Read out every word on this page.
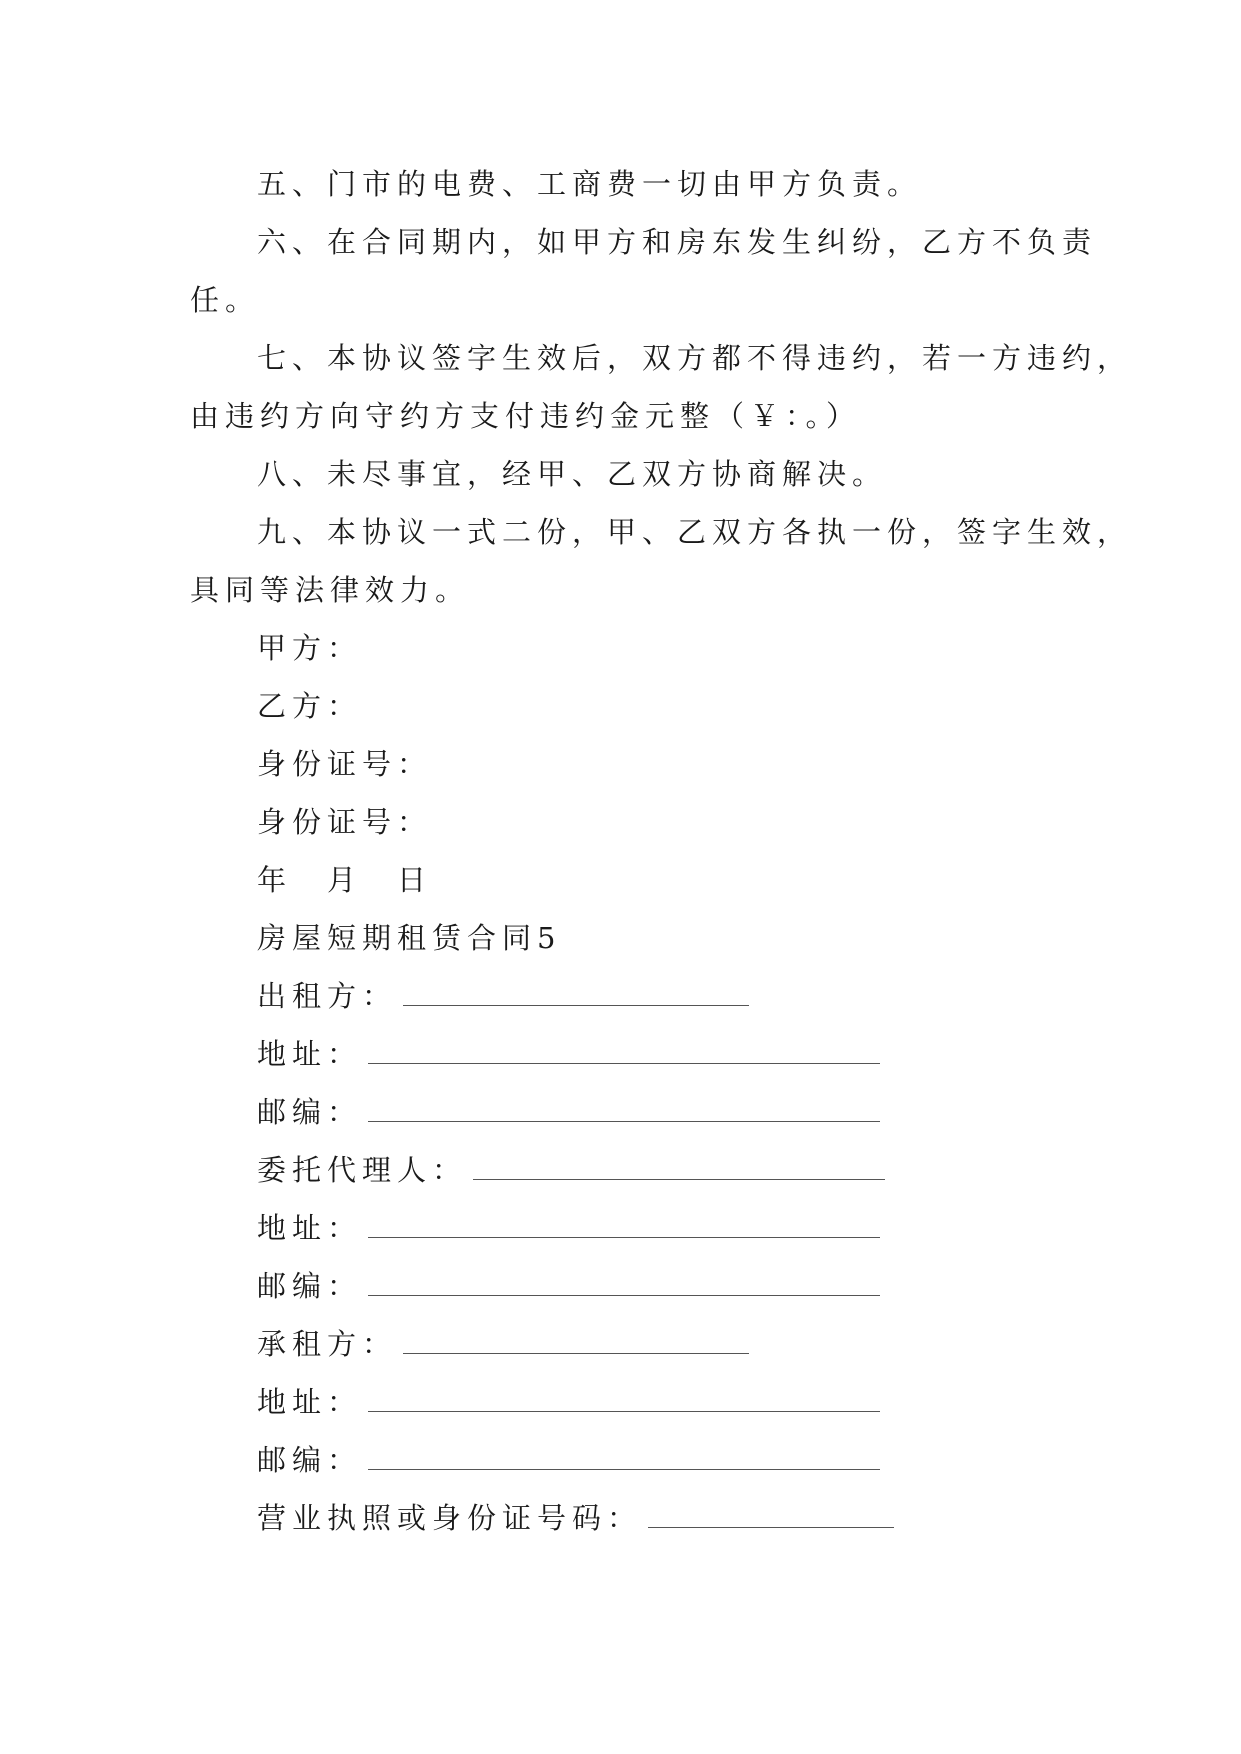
五、门市的电费、工商费一切由甲方负责。
六、在合同期内，如甲方和房东发生纠纷，乙方不负责
任。
七、本协议签字生效后，双方都不得违约，若一方违约，
由违约方向守约方支付违约金元整（￥：。）
八、未尽事宜，经甲、乙双方协商解决。
九、本协议一式二份，甲、乙双方各执一份，签字生效，
具同等法律效力。
甲方：
乙方：
身份证号：
身份证号：
年　月　日
房屋短期租赁合同5
出租方：
地址：
邮编：
委托代理人：
地址：
邮编：
承租方：
地址：
邮编：
营业执照或身份证号码：
